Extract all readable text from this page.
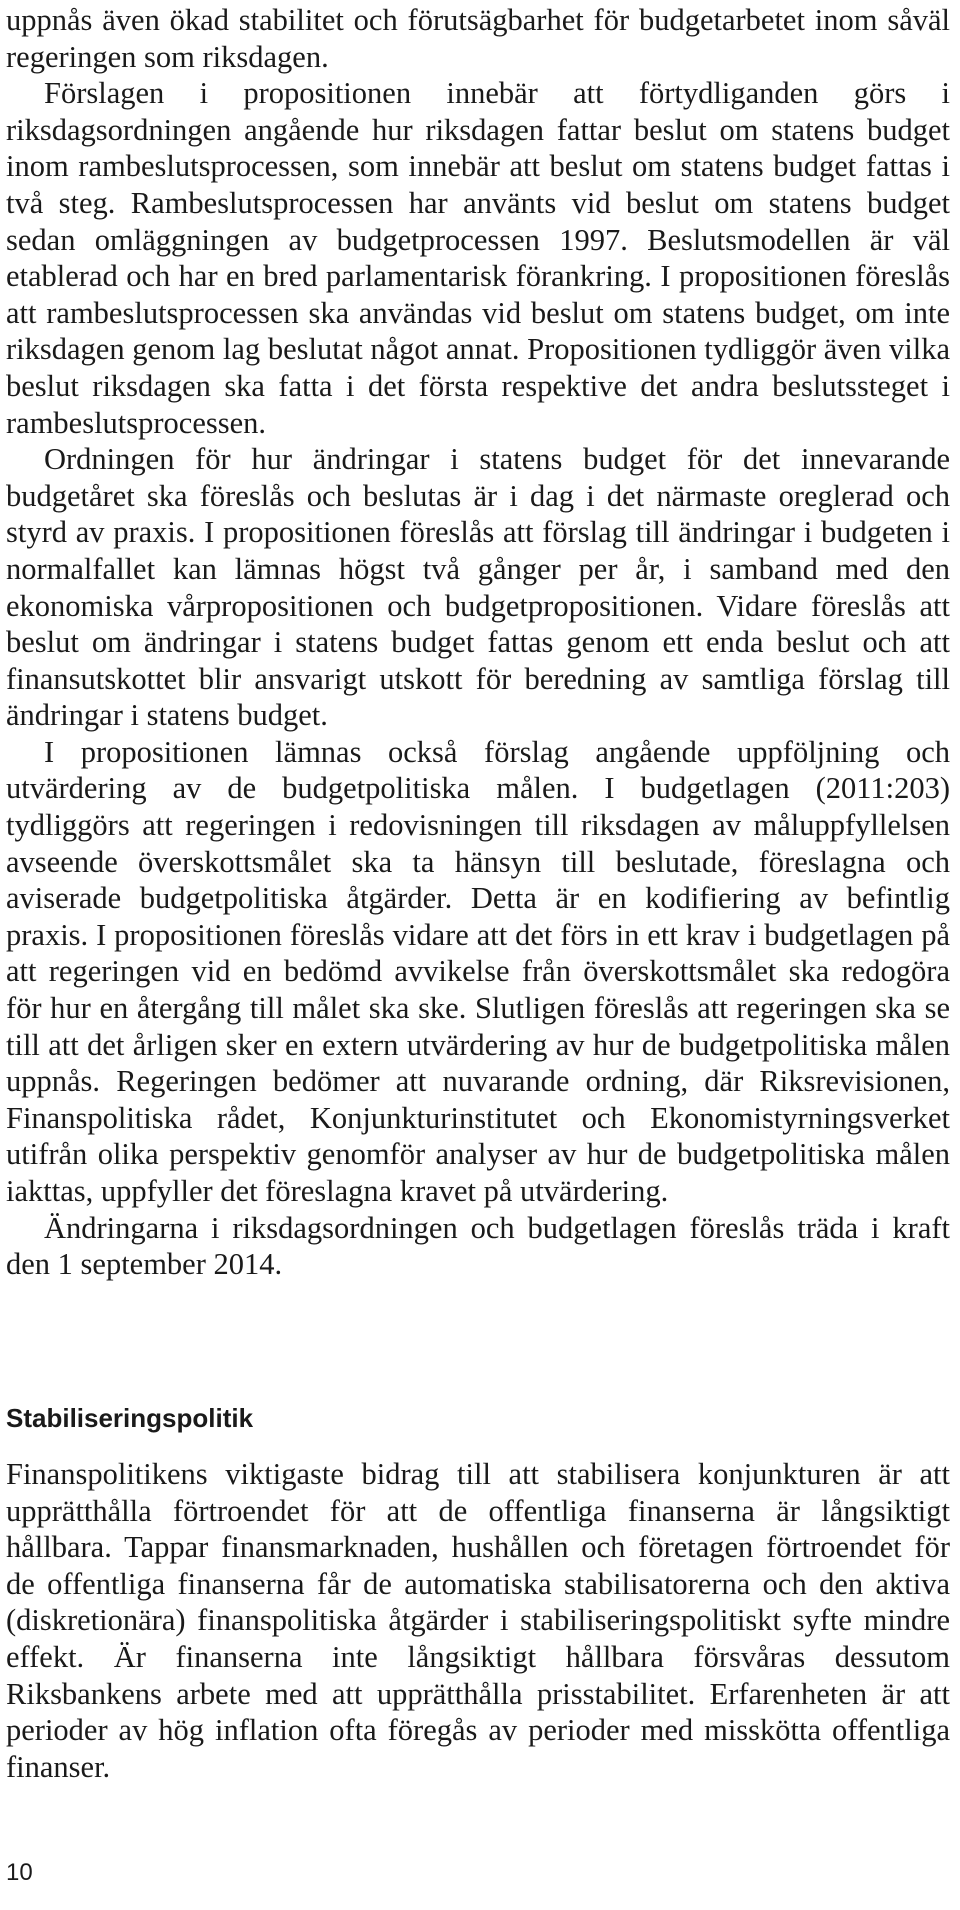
uppnås även ökad stabilitet och förutsägbarhet för budgetarbetet inom såväl regeringen som riksdagen.

Förslagen i propositionen innebär att förtydliganden görs i riksdagsordningen angående hur riksdagen fattar beslut om statens budget inom rambeslutsprocessen, som innebär att beslut om statens budget fattas i två steg. Rambeslutsprocessen har använts vid beslut om statens budget sedan omläggningen av budgetprocessen 1997. Beslutsmodellen är väl etablerad och har en bred parlamentarisk förankring. I propositionen föreslås att rambeslutsprocessen ska användas vid beslut om statens budget, om inte riksdagen genom lag beslutat något annat. Propositionen tydliggör även vilka beslut riksdagen ska fatta i det första respektive det andra beslutssteget i rambeslutsprocessen.

Ordningen för hur ändringar i statens budget för det innevarande budgetåret ska föreslås och beslutas är i dag i det närmaste oreglerad och styrd av praxis. I propositionen föreslås att förslag till ändringar i budgeten i normalfallet kan lämnas högst två gånger per år, i samband med den ekonomiska vårpropositionen och budgetpropositionen. Vidare föreslås att beslut om ändringar i statens budget fattas genom ett enda beslut och att finansutskottet blir ansvarigt utskott för beredning av samtliga förslag till ändringar i statens budget.

I propositionen lämnas också förslag angående uppföljning och utvärdering av de budgetpolitiska målen. I budgetlagen (2011:203) tydliggörs att regeringen i redovisningen till riksdagen av måluppfyllelsen avseende överskottsmålet ska ta hänsyn till beslutade, föreslagna och aviserade budgetpolitiska åtgärder. Detta är en kodifiering av befintlig praxis. I propositionen föreslås vidare att det förs in ett krav i budgetlagen på att regeringen vid en bedömd avvikelse från överskottsmålet ska redogöra för hur en återgång till målet ska ske. Slutligen föreslås att regeringen ska se till att det årligen sker en extern utvärdering av hur de budgetpolitiska målen uppnås. Regeringen bedömer att nuvarande ordning, där Riksrevisionen, Finanspolitiska rådet, Konjunkturinstitutet och Ekonomistyrningsverket utifrån olika perspektiv genomför analyser av hur de budgetpolitiska målen iakttas, uppfyller det föreslagna kravet på utvärdering.

Ändringarna i riksdagsordningen och budgetlagen föreslås träda i kraft den 1 september 2014.

Stabiliseringspolitik

Finanspolitikens viktigaste bidrag till att stabilisera konjunkturen är att upprätthålla förtroendet för att de offentliga finanserna är långsiktigt hållbara. Tappar finansmarknaden, hushållen och företagen förtroendet för de offentliga finanserna får de automatiska stabilisatorerna och den aktiva (diskretionära) finanspolitiska åtgärder i stabiliseringspolitiskt syfte mindre effekt. Är finanserna inte långsiktigt hållbara försvåras dessutom Riksbankens arbete med att upprätthålla prisstabilitet. Erfarenheten är att perioder av hög inflation ofta föregås av perioder med misskötta offentliga finanser.

10
